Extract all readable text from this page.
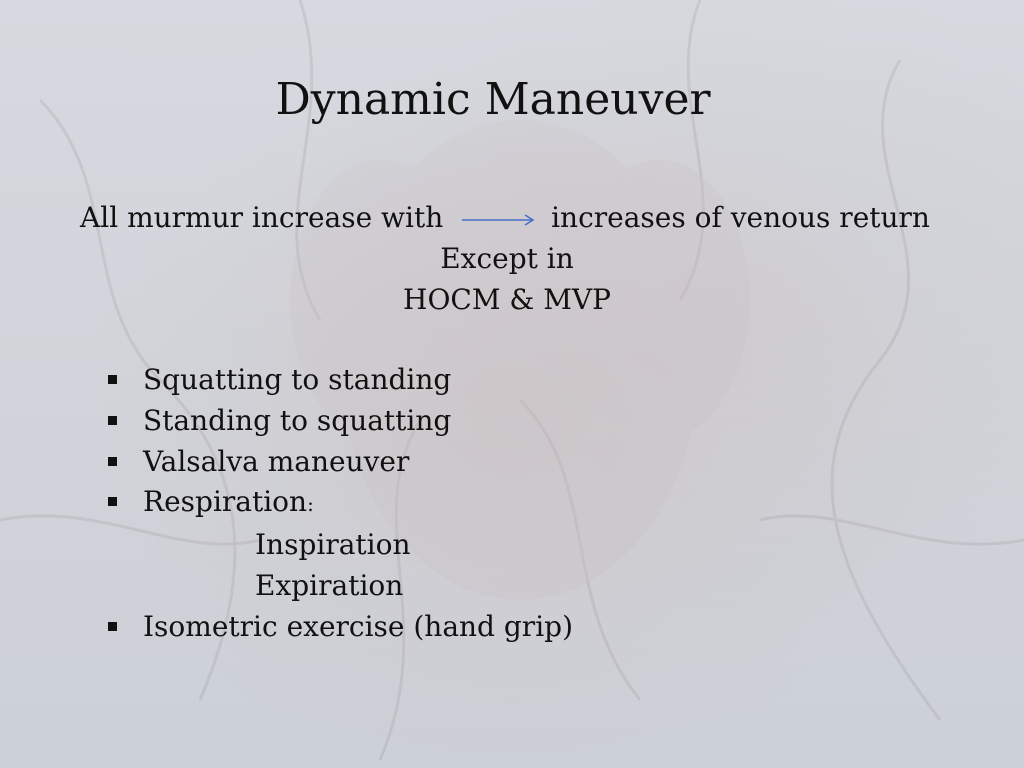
Dynamic Maneuver
All murmur increase with	increases of venous return
Except in
HOCM & MVP
Squatting to standing
Standing to squatting
Valsalva maneuver
Respiration:
Inspiration
Expiration
Isometric exercise (hand grip)
